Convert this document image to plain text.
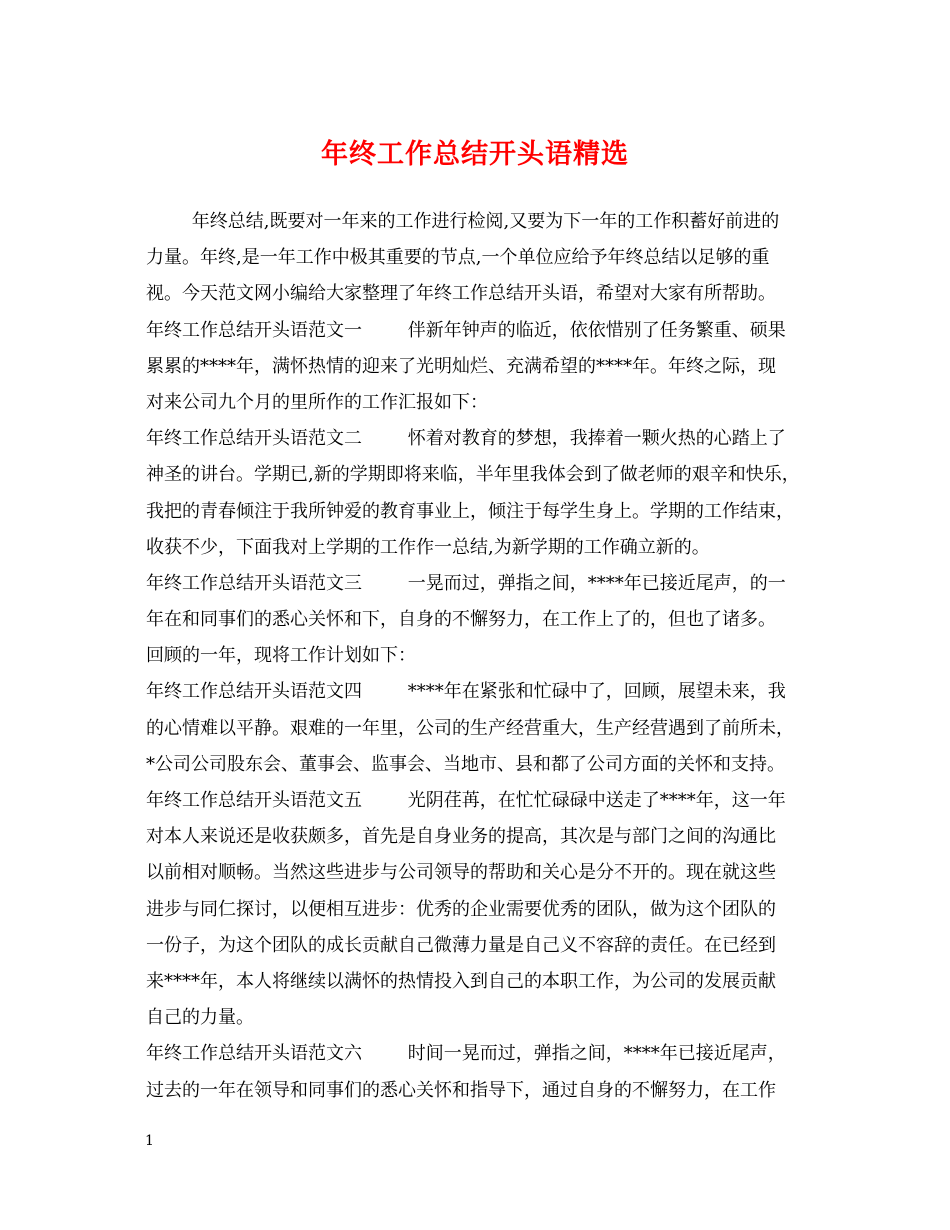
年终工作总结开头语精选
年终总结,既要对一年来的工作进行检阅,又要为下一年的工作积蓄好前进的
力量。年终,是一年工作中极其重要的节点,一个单位应给予年终总结以足够的重
视。今天范文网小编给大家整理了年终工作总结开头语，希望对大家有所帮助。
年终工作总结开头语范文一        伴新年钟声的临近，依依惜别了任务繁重、硕果
累累的****年，满怀热情的迎来了光明灿烂、充满希望的****年。年终之际，现
对来公司九个月的里所作的工作汇报如下：
年终工作总结开头语范文二        怀着对教育的梦想，我捧着一颗火热的心踏上了
神圣的讲台。学期已,新的学期即将来临，半年里我体会到了做老师的艰辛和快乐，
我把的青春倾注于我所钟爱的教育事业上，倾注于每学生身上。学期的工作结束，
收获不少，下面我对上学期的工作作一总结,为新学期的工作确立新的。
年终工作总结开头语范文三        一晃而过，弹指之间，****年已接近尾声，的一
年在和同事们的悉心关怀和下，自身的不懈努力，在工作上了的，但也了诸多。
回顾的一年，现将工作计划如下：
年终工作总结开头语范文四        ****年在紧张和忙碌中了，回顾，展望未来，我
的心情难以平静。艰难的一年里，公司的生产经营重大，生产经营遇到了前所未，
*公司公司股东会、董事会、监事会、当地市、县和都了公司方面的关怀和支持。
年终工作总结开头语范文五        光阴荏苒，在忙忙碌碌中送走了****年，这一年
对本人来说还是收获颇多，首先是自身业务的提高，其次是与部门之间的沟通比
以前相对顺畅。当然这些进步与公司领导的帮助和关心是分不开的。现在就这些
进步与同仁探讨，以便相互进步：优秀的企业需要优秀的团队，做为这个团队的
一份子，为这个团队的成长贡献自己微薄力量是自己义不容辞的责任。在已经到
来****年，本人将继续以满怀的热情投入到自己的本职工作，为公司的发展贡献
自己的力量。
年终工作总结开头语范文六        时间一晃而过，弹指之间，****年已接近尾声，
过去的一年在领导和同事们的悉心关怀和指导下，通过自身的不懈努力，在工作
1
